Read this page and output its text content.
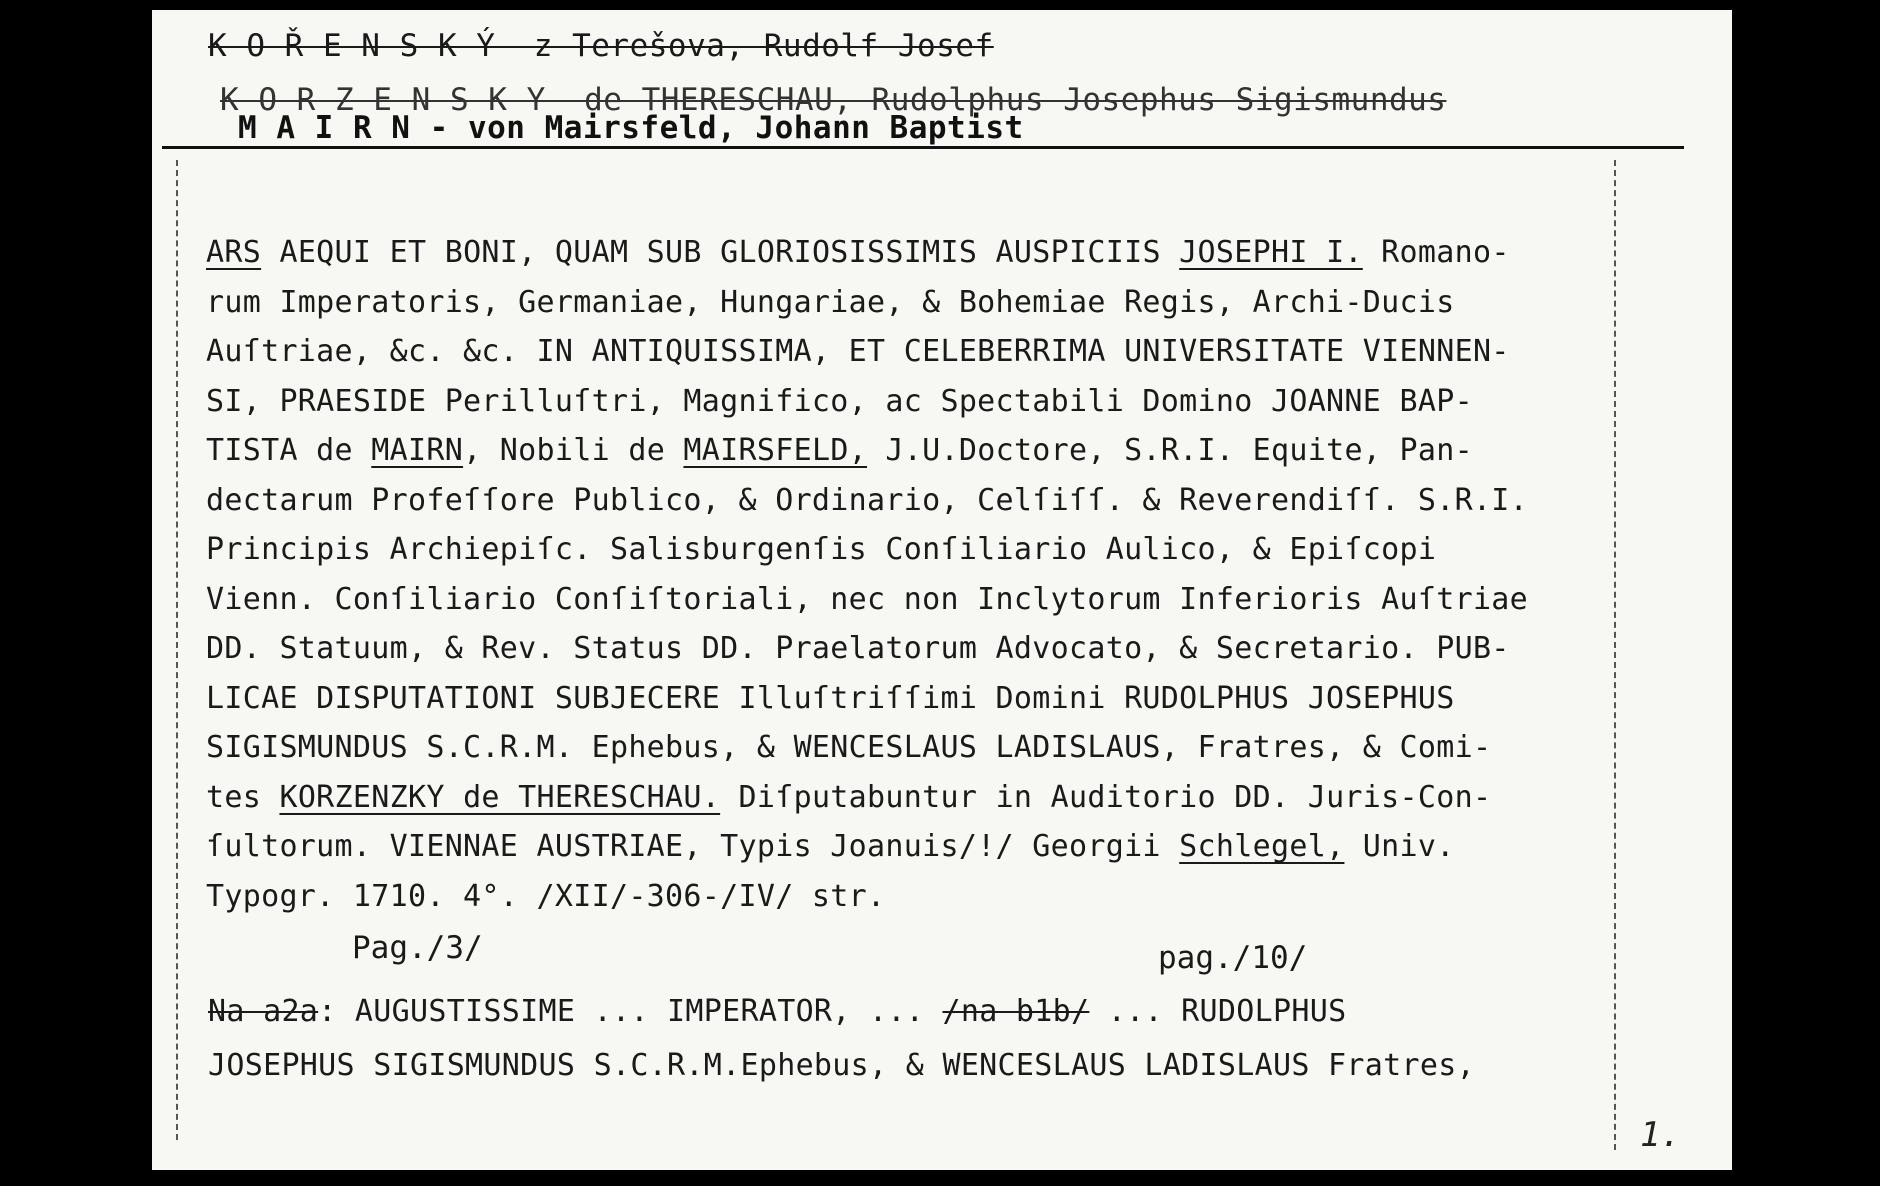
K O Ř E N S K Ý  z Terešova, Rudolf Josef
K O R Z E N S K Y  de THERESCHAU, Rudolphus Josephus Sigismundus
M A I R N - von Mairsfeld, Johann Baptist
ARS AEQUI ET BONI, QUAM SUB GLORIOSISSIMIS AUSPICIIS JOSEPHI I. Romano-
rum Imperatoris, Germaniae, Hungariae, & Bohemiae Regis, Archi-Ducis
Auſtriae, &c. &c. IN ANTIQUISSIMA, ET CELEBERRIMA UNIVERSITATE VIENNEN-
SI, PRAESIDE Perilluſtri, Magnifico, ac Spectabili Domino JOANNE BAP-
TISTA de MAIRN, Nobili de MAIRSFELD, J.U.Doctore, S.R.I. Equite, Pan-
dectarum Profeſſore Publico, & Ordinario, Celſiſſ. & Reverendiſſ. S.R.I.
Principis Archiepiſc. Salisburgenſis Conſiliario Aulico, & Epiſcopi
Vienn. Conſiliario Conſiſtoriali, nec non Inclytorum Inferioris Auſtriae
DD. Statuum, & Rev. Status DD. Praelatorum Advocato, & Secretario. PUB-
LICAE DISPUTATIONI SUBJECERE Illuſtriſſimi Domini RUDOLPHUS JOSEPHUS
SIGISMUNDUS S.C.R.M. Ephebus, & WENCESLAUS LADISLAUS, Fratres, & Comi-
tes KORZENZKY de THERESCHAU. Diſputabuntur in Auditorio DD. Juris-Con-
ſultorum. VIENNAE AUSTRIAE, Typis Joanuis/!/ Georgii Schlegel, Univ.
Typogr. 1710. 4°. /XII/-306-/IV/ str.
Pag./3/	pag./10/
Na a2a: AUGUSTISSIME ... IMPERATOR, ... /na b1b/ ... RUDOLPHUS
JOSEPHUS SIGISMUNDUS S.C.R.M.Ephebus, & WENCESLAUS LADISLAUS Fratres,
1.
